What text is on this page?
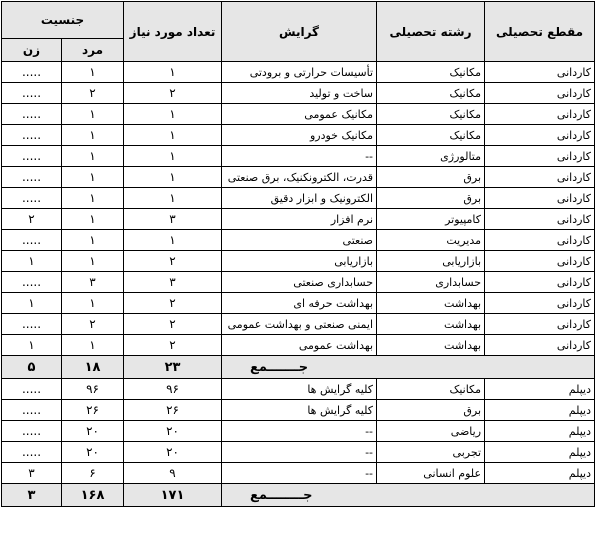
مقطع تحصیلی	رشته تحصیلی	گرایش	تعداد مورد نیاز	جنسیت	
				مرد	زن
کاردانی	مکانیک	تأسیسات حرارتی و برودتی	۱	۱	.....
کاردانی	مکانیک	ساخت و تولید	۲	۲	.....
کاردانی	مکانیک	مکانیک عمومی	۱	۱	.....
کاردانی	مکانیک	مکانیک خودرو	۱	۱	.....
کاردانی	متالورژی	--	۱	۱	.....
کاردانی	برق	قدرت، الکترونکنیک، برق صنعتی	۱	۱	.....
کاردانی	برق	الکترونیک و ابزار دقیق	۱	۱	.....
کاردانی	کامپیوتر	نرم افزار	۳	۱	۲
کاردانی	مدیریت	صنعتی	۱	۱	.....
کاردانی	بازاریابی	بازاریابی	۲	۱	۱
کاردانی	حسابداری	حسابداری صنعتی	۳	۳	.....
کاردانی	بهداشت	بهداشت حرفه ای	۲	۱	۱
کاردانی	بهداشت	ایمنی صنعتی و بهداشت عمومی	۲	۲	.....
کاردانی	بهداشت	بهداشت عمومی	۲	۱	۱
جـــــــمع			۲۳	۱۸	۵
دیپلم	مکانیک	کلیه گرایش ها	۹۶	۹۶	.....
دیپلم	برق	کلیه گرایش ها	۲۶	۲۶	.....
دیپلم	ریاضی	--	۲۰	۲۰	.....
دیپلم	تجربی	--	۲۰	۲۰	.....
دیپلم	علوم انسانی	--	۹	۶	۳
جــــــــمع			۱۷۱	۱۶۸	۳
